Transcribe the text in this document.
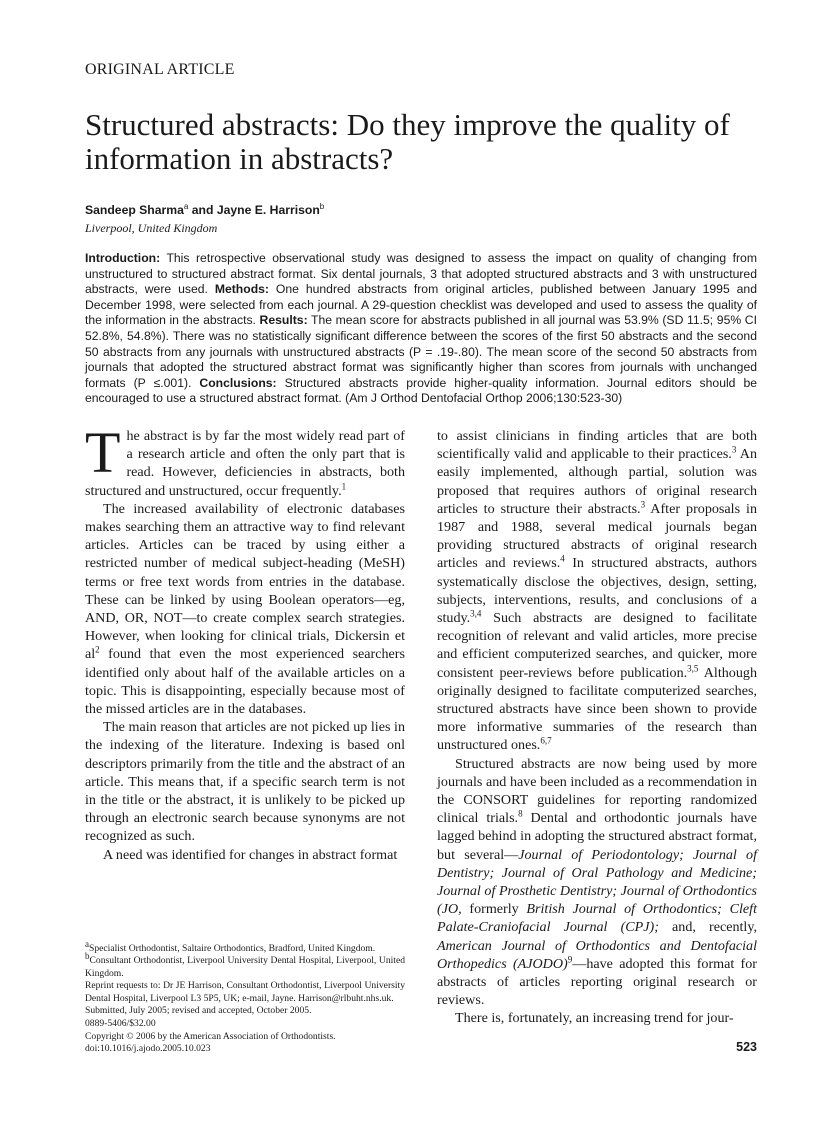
ORIGINAL ARTICLE
Structured abstracts: Do they improve the quality of information in abstracts?
Sandeep Sharma$^a$ and Jayne E. Harrison$^b$
Liverpool, United Kingdom
Introduction: This retrospective observational study was designed to assess the impact on quality of changing from unstructured to structured abstract format. Six dental journals, 3 that adopted structured abstracts and 3 with unstructured abstracts, were used. Methods: One hundred abstracts from original articles, published between January 1995 and December 1998, were selected from each journal. A 29-question checklist was developed and used to assess the quality of the information in the abstracts. Results: The mean score for abstracts published in all journal was 53.9% (SD 11.5; 95% CI 52.8%, 54.8%). There was no statistically significant difference between the scores of the first 50 abstracts and the second 50 abstracts from any journals with unstructured abstracts (P = .19-.80). The mean score of the second 50 abstracts from journals that adopted the structured abstract format was significantly higher than scores from journals with unchanged formats (P ≤.001). Conclusions: Structured abstracts provide higher-quality information. Journal editors should be encouraged to use a structured abstract format. (Am J Orthod Dentofacial Orthop 2006;130:523-30)

The abstract is by far the most widely read part of a research article and often the only part that is read. However, deficiencies in abstracts, both structured and unstructured, occur frequently.$^1$

The increased availability of electronic databases makes searching them an attractive way to find relevant articles. Articles can be traced by using either a restricted number of medical subject-heading (MeSH) terms or free text words from entries in the database. These can be linked by using Boolean operators—eg, AND, OR, NOT—to create complex search strategies. However, when looking for clinical trials, Dickersin et $al^2$ found that even the most experienced searchers identified only about half of the available articles on a topic. This is disappointing, especially because most of the missed articles are in the databases.

The main reason that articles are not picked up lies in the indexing of the literature. Indexing is based onl descriptors primarily from the title and the abstract of an article. This means that, if a specific search term is not in the title or the abstract, it is unlikely to be picked up through an electronic search because synonyms are not recognized as such.

A need was identified for changes in abstract format

$^a$Specialist Orthodontist, Saltaire Orthodontics, Bradford, United Kingdom.
$^b$Consultant Orthodontist, Liverpool University Dental Hospital, Liverpool, United Kingdom.
Reprint requests to: Dr JE Harrison, Consultant Orthodontist, Liverpool University Dental Hospital, Liverpool L3 5P5, UK; e-mail, Jayne. Harrison@rlbuht.nhs.uk.
Submitted, July 2005; revised and accepted, October 2005.
0889-5406/$32.00
Copyright © 2006 by the American Association of Orthodontists.
doi:10.1016/j.ajodo.2005.10.023

to assist clinicians in finding articles that are both scientifically valid and applicable to their practices.$^3$ An easily implemented, although partial, solution was proposed that requires authors of original research articles to structure their abstracts.$^3$ After proposals in 1987 and 1988, several medical journals began providing structured abstracts of original research articles and reviews.$^4$ In structured abstracts, authors systematically disclose the objectives, design, setting, subjects, interventions, results, and conclusions of a study.$^{3,4}$ Such abstracts are designed to facilitate recognition of relevant and valid articles, more precise and efficient computerized searches, and quicker, more consistent peer-reviews before publication.$^{3,5}$ Although originally designed to facilitate computerized searches, structured abstracts have since been shown to provide more informative summaries of the research than unstructured ones.$^{6,7}$

Structured abstracts are now being used by more journals and have been included as a recommendation in the CONSORT guidelines for reporting randomized clinical trials.$^8$ Dental and orthodontic journals have lagged behind in adopting the structured abstract format, but several—Journal of Periodontology; Journal of Dentistry; Journal of Oral Pathology and Medicine; Journal of Prosthetic Dentistry; Journal of Orthodontics (JO, formerly British Journal of Orthodontics; Cleft Palate-Craniofacial Journal (CPJ); and, recently, American Journal of Orthodontics and Dentofacial Orthopedics (AJODO)$^9$—have adopted this format for abstracts of articles reporting original research or reviews.

There is, fortunately, an increasing trend for jour-

523
